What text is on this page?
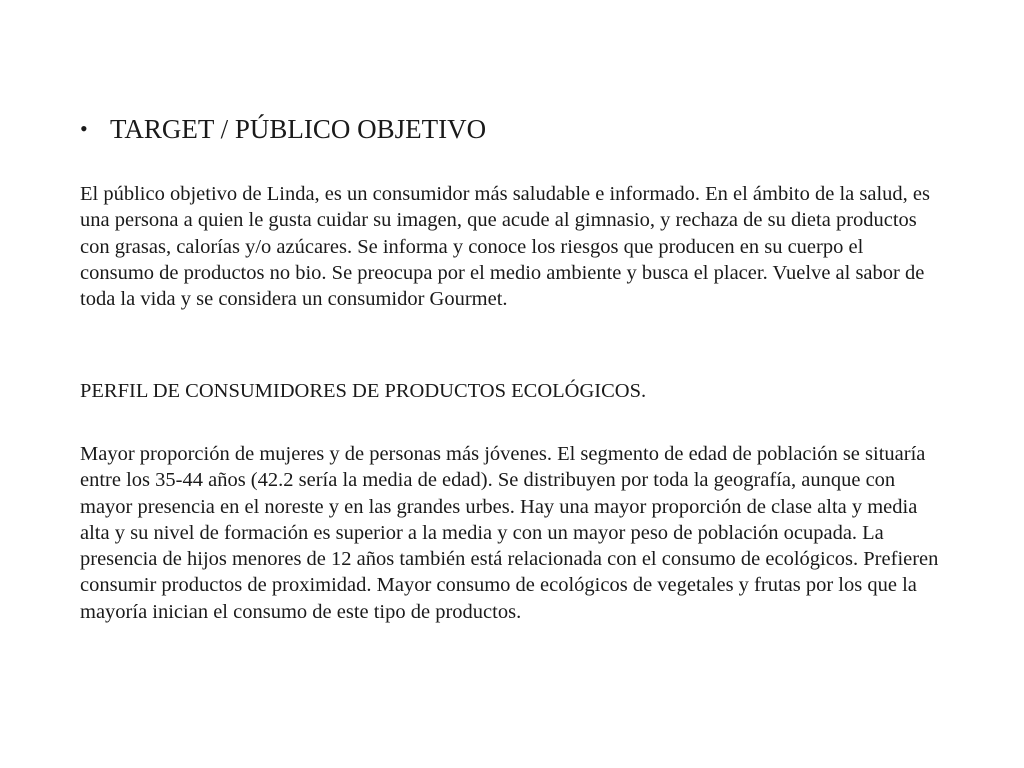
• TARGET / PÚBLICO OBJETIVO

El público objetivo de Linda, es un consumidor más saludable e informado. En el ámbito de la salud, es una persona a quien le gusta cuidar su imagen, que acude al gimnasio, y rechaza de su dieta productos con grasas, calorías y/o azúcares. Se informa y conoce los riesgos que producen en su cuerpo el consumo de productos no bio. Se preocupa por el medio ambiente y busca el placer. Vuelve al sabor de toda la vida y se considera un consumidor Gourmet.

PERFIL DE CONSUMIDORES DE PRODUCTOS ECOLÓGICOS.

Mayor proporción de mujeres y de personas más jóvenes. El segmento de edad de población se situaría entre los 35-44 años (42.2 sería la media de edad). Se distribuyen por toda la geografía, aunque con mayor presencia en el noreste y en las grandes urbes. Hay una mayor proporción de clase alta y media alta y su nivel de formación es superior a la media y con un mayor peso de población ocupada. La presencia de hijos menores de 12 años también está relacionada con el consumo de ecológicos. Prefieren consumir productos de proximidad. Mayor consumo de ecológicos de vegetales y frutas por los que la mayoría inician el consumo de este tipo de productos.
